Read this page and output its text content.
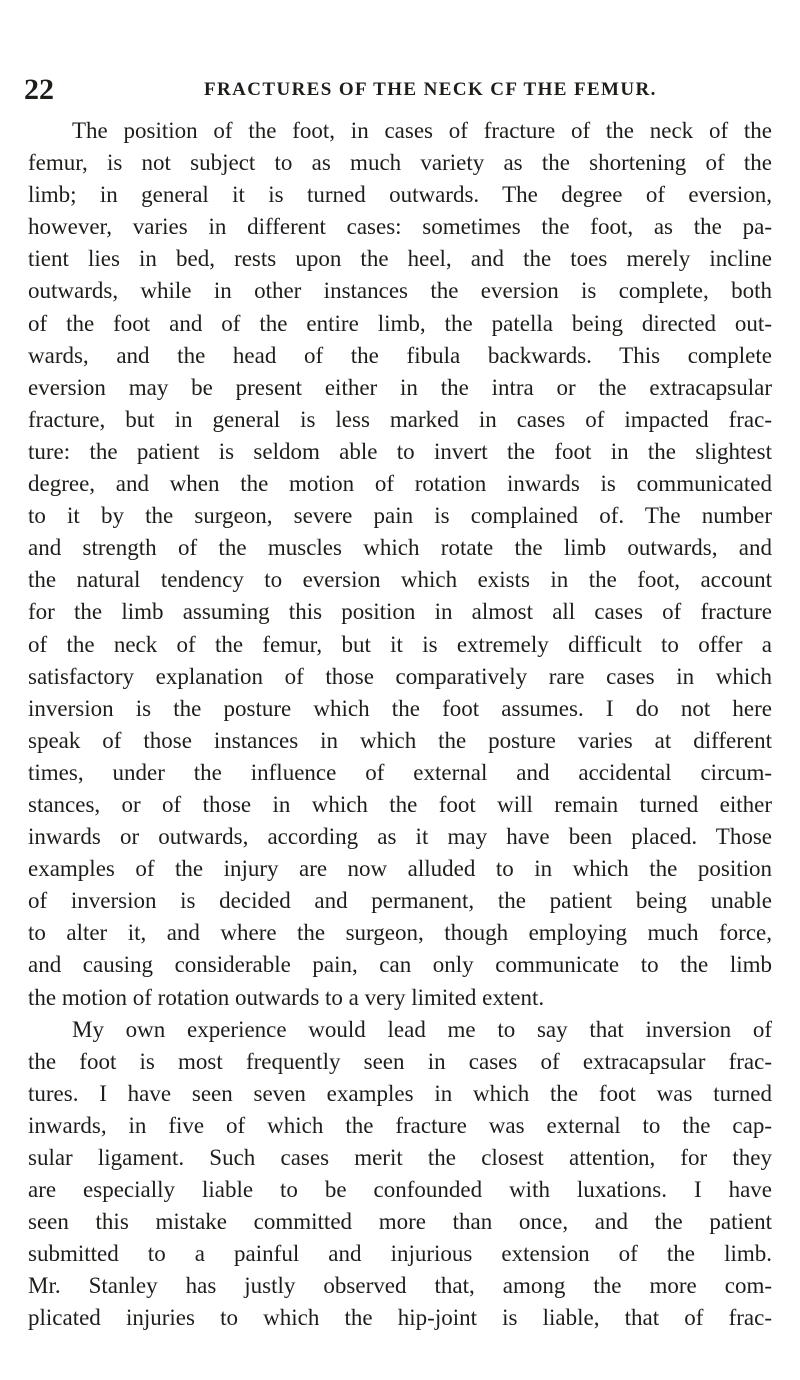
22	FRACTURES OF THE NECK CF THE FEMUR.

The position of the foot, in cases of fracture of the neck of the
femur, is not subject to as much variety as the shortening of the
limb; in general it is turned outwards. The degree of eversion,
however, varies in different cases: sometimes the foot, as the pa-
tient lies in bed, rests upon the heel, and the toes merely incline
outwards, while in other instances the eversion is complete, both
of the foot and of the entire limb, the patella being directed out-
wards, and the head of the fibula backwards. This complete
eversion may be present either in the intra or the extracapsular
fracture, but in general is less marked in cases of impacted frac-
ture: the patient is seldom able to invert the foot in the slightest
degree, and when the motion of rotation inwards is communicated
to it by the surgeon, severe pain is complained of. The number
and strength of the muscles which rotate the limb outwards, and
the natural tendency to eversion which exists in the foot, account
for the limb assuming this position in almost all cases of fracture
of the neck of the femur, but it is extremely difficult to offer a
satisfactory explanation of those comparatively rare cases in which
inversion is the posture which the foot assumes. I do not here
speak of those instances in which the posture varies at different
times, under the influence of external and accidental circum-
stances, or of those in which the foot will remain turned either
inwards or outwards, according as it may have been placed. Those
examples of the injury are now alluded to in which the position
of inversion is decided and permanent, the patient being unable
to alter it, and where the surgeon, though employing much force,
and causing considerable pain, can only communicate to the limb
the motion of rotation outwards to a very limited extent.

My own experience would lead me to say that inversion of
the foot is most frequently seen in cases of extracapsular frac-
tures. I have seen seven examples in which the foot was turned
inwards, in five of which the fracture was external to the cap-
sular ligament. Such cases merit the closest attention, for they
are especially liable to be confounded with luxations. I have
seen this mistake committed more than once, and the patient
submitted to a painful and injurious extension of the limb.
Mr. Stanley has justly observed that, among the more com-
plicated injuries to which the hip-joint is liable, that of frac-
